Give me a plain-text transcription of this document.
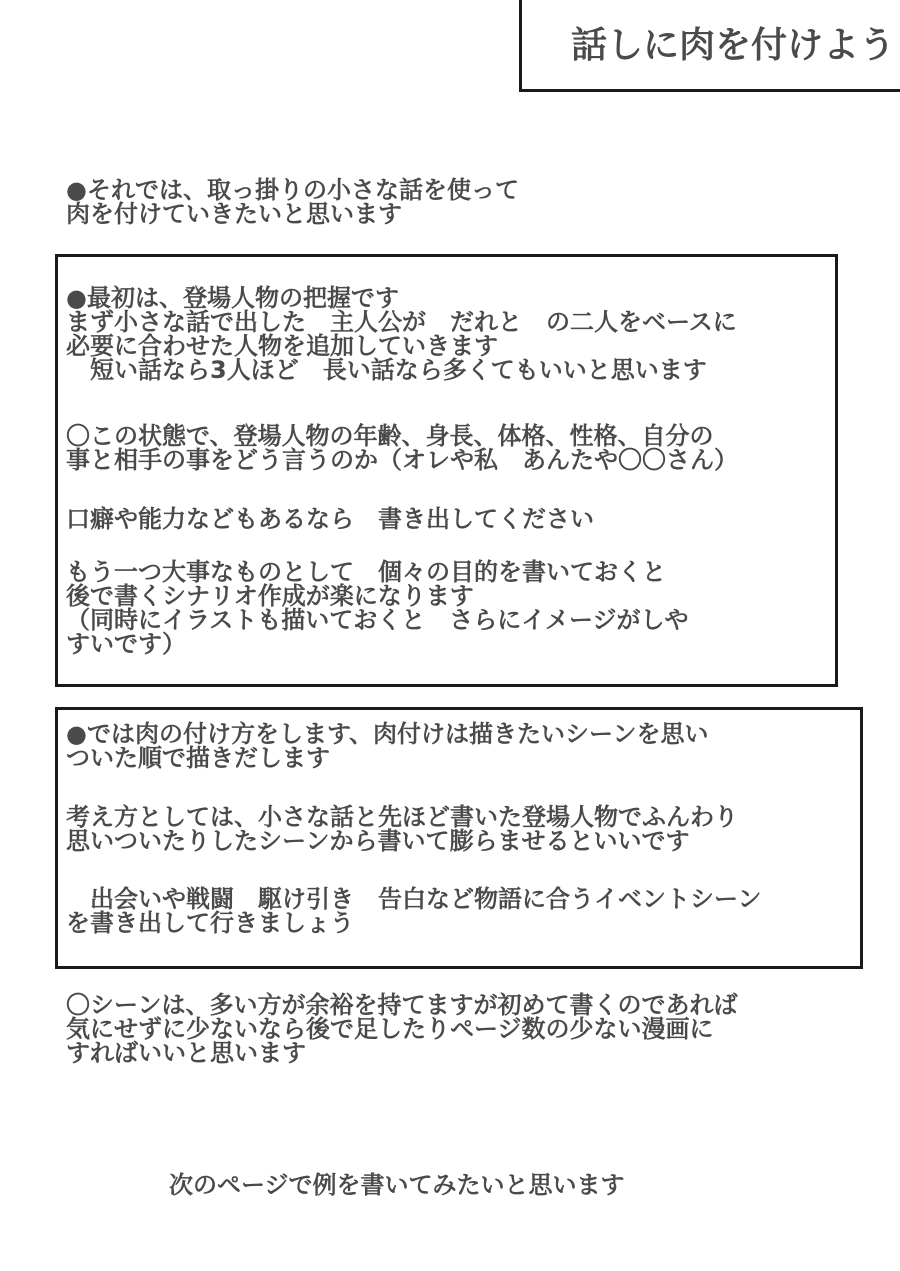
話しに肉を付けよう
●それでは、取っ掛りの小さな話を使って
肉を付けていきたいと思います
●最初は、登場人物の把握です
まず小さな話で出した　主人公が　だれと　の二人をベースに
必要に合わせた人物を追加していきます
　短い話なら3人ほど　長い話なら多くてもいいと思います
〇この状態で、登場人物の年齢、身長、体格、性格、自分の
事と相手の事をどう言うのか（オレや私　あんたや〇〇さん）
口癖や能力などもあるなら　書き出してください
もう一つ大事なものとして　個々の目的を書いておくと
後で書くシナリオ作成が楽になります
（同時にイラストも描いておくと　さらにイメージがしや
すいです）
●では肉の付け方をします、肉付けは描きたいシーンを思い
ついた順で描きだします
考え方としては、小さな話と先ほど書いた登場人物でふんわり
思いついたりしたシーンから書いて膨らませるといいです
　出会いや戦闘　駆け引き　告白など物語に合うイベントシーン
を書き出して行きましょう
〇シーンは、多い方が余裕を持てますが初めて書くのであれば
気にせずに少ないなら後で足したりページ数の少ない漫画に
すればいいと思います
次のページで例を書いてみたいと思います
